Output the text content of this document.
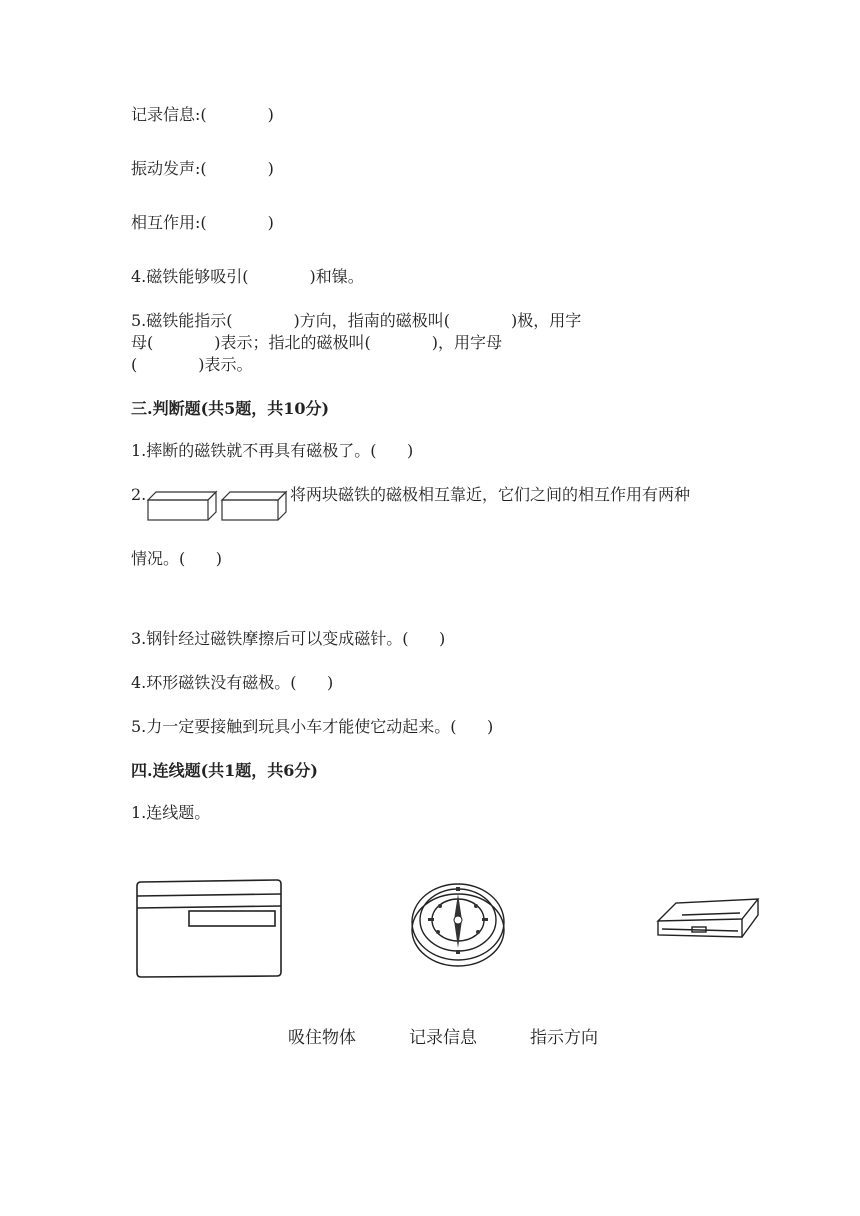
记录信息:(            )
振动发声:(            )
相互作用:(            )
4.磁铁能够吸引(            )和镍。
5.磁铁能指示(            )方向，指南的磁极叫(            )极，用字
母(            )表示；指北的磁极叫(            )，用字母
(            )表示。
三.判断题(共5题，共10分)
1.摔断的磁铁就不再具有磁极了。(      )
2.	将两块磁铁的磁极相互靠近，它们之间的相互作用有两种
情况。(      )
3.钢针经过磁铁摩擦后可以变成磁针。(      )
4.环形磁铁没有磁极。(      )
5.力一定要接触到玩具小车才能使它动起来。(      )
四.连线题(共1题，共6分)
1.连线题。
吸住物体	记录信息	指示方向
